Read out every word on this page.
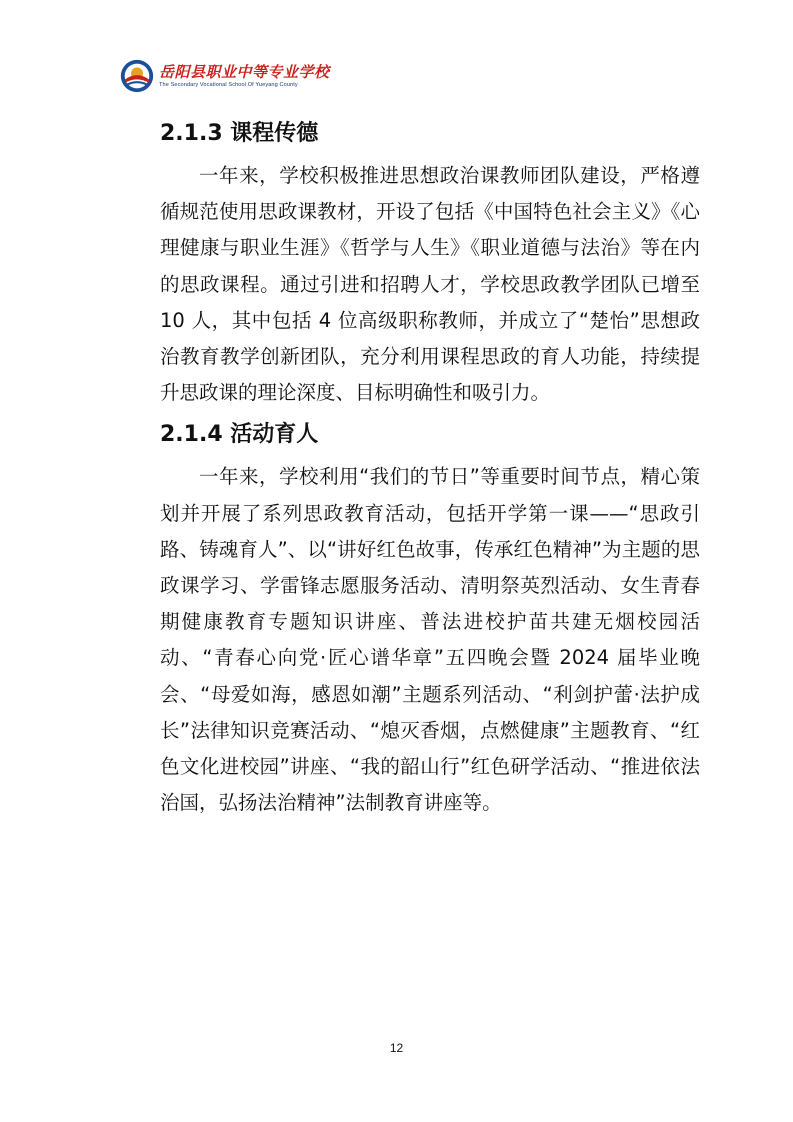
岳阳县职业中等专业学校
The Secondary Vocational School Of Yueyang County
2.1.3 课程传德

一年来，学校积极推进思想政治课教师团队建设，严格遵循规范使用思政课教材，开设了包括《中国特色社会主义》《心理健康与职业生涯》《哲学与人生》《职业道德与法治》等在内的思政课程。通过引进和招聘人才，学校思政教学团队已增至 10 人，其中包括 4 位高级职称教师，并成立了“楚怡”思想政治教育教学创新团队，充分利用课程思政的育人功能，持续提升思政课的理论深度、目标明确性和吸引力。

2.1.4 活动育人

一年来，学校利用“我们的节日”等重要时间节点，精心策划并开展了系列思政教育活动，包括开学第一课——“思政引路、铸魂育人”、以“讲好红色故事，传承红色精神”为主题的思政课学习、学雷锋志愿服务活动、清明祭英烈活动、女生青春期健康教育专题知识讲座、普法进校护苗共建无烟校园活动、“青春心向党·匠心谱华章”五四晚会暨 2024 届毕业晚会、“母爱如海，感恩如潮”主题系列活动、“利剑护蕾·法护成长”法律知识竞赛活动、“熄灭香烟，点燃健康”主题教育、“红色文化进校园”讲座、“我的韶山行”红色研学活动、“推进依法治国，弘扬法治精神”法制教育讲座等。

12
